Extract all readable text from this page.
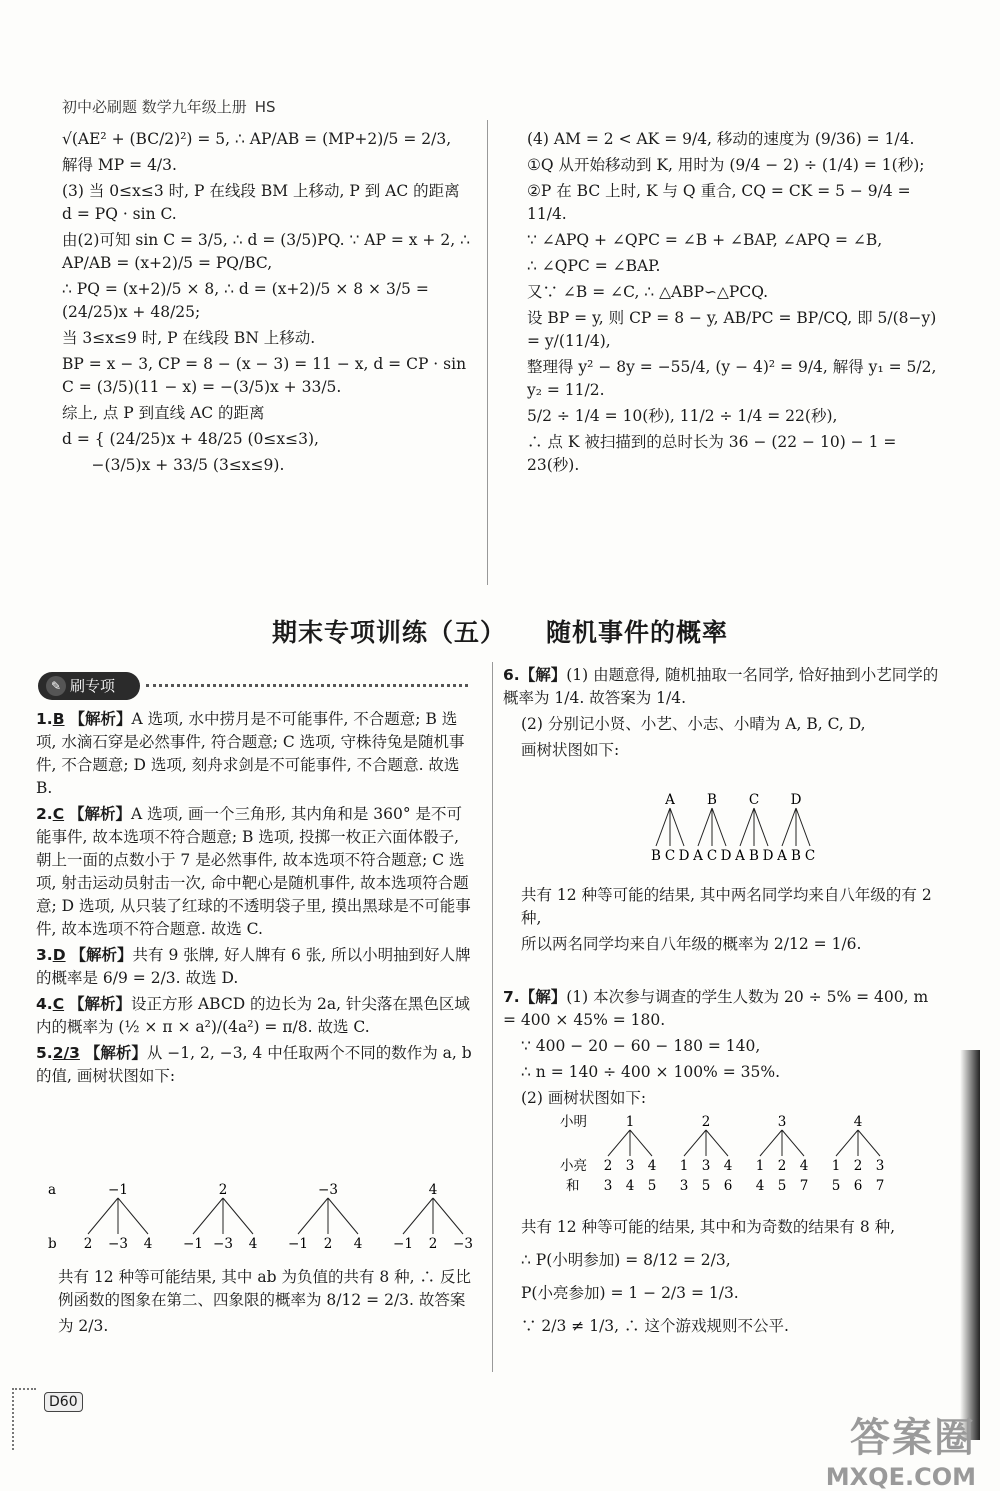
初中必刷题 数学九年级上册 HS

√(AE² + (BC/2)²) = 5, ∴ AP/AB = (MP+2)/5 = 2/3,

解得 MP = 4/3.

(3) 当 0≤x≤3 时, P 在线段 BM 上移动, P 到 AC 的距离 d = PQ · sin C.

由(2)可知 sin C = 3/5, ∴ d = (3/5)PQ. ∵ AP = x + 2, ∴ AP/AB = (x+2)/5 = PQ/BC,

∴ PQ = (x+2)/5 × 8, ∴ d = (x+2)/5 × 8 × 3/5 = (24/25)x + 48/25;

当 3≤x≤9 时, P 在线段 BN 上移动.

BP = x − 3, CP = 8 − (x − 3) = 11 − x, d = CP · sin C = (3/5)(11 − x) = −(3/5)x + 33/5.

综上, 点 P 到直线 AC 的距离

d = { (24/25)x + 48/25 (0≤x≤3),

−(3/5)x + 33/5 (3≤x≤9).

(4) AM = 2 < AK = 9/4, 移动的速度为 (9/36) = 1/4.

①Q 从开始移动到 K, 用时为 (9/4 − 2) ÷ (1/4) = 1(秒);

②P 在 BC 上时, K 与 Q 重合, CQ = CK = 5 − 9/4 = 11/4.

∵ ∠APQ + ∠QPC = ∠B + ∠BAP, ∠APQ = ∠B,

∴ ∠QPC = ∠BAP.

又∵ ∠B = ∠C, ∴ △ABP∽△PCQ.

设 BP = y, 则 CP = 8 − y, AB/PC = BP/CQ, 即 5/(8−y) = y/(11/4),

整理得 y² − 8y = −55/4, (y − 4)² = 9/4, 解得 y₁ = 5/2, y₂ = 11/2.

5/2 ÷ 1/4 = 10(秒), 11/2 ÷ 1/4 = 22(秒),

∴ 点 K 被扫描到的总时长为 36 − (22 − 10) − 1 = 23(秒).

期末专项训练（五） 随机事件的概率
✎ 刷专项

1.B 【解析】A 选项, 水中捞月是不可能事件, 不合题意; B 选项, 水滴石穿是必然事件, 符合题意; C 选项, 守株待兔是随机事件, 不合题意; D 选项, 刻舟求剑是不可能事件, 不合题意. 故选 B.

2.C 【解析】A 选项, 画一个三角形, 其内角和是 360° 是不可能事件, 故本选项不符合题意; B 选项, 投掷一枚正六面体骰子, 朝上一面的点数小于 7 是必然事件, 故本选项不符合题意; C 选项, 射击运动员射击一次, 命中靶心是随机事件, 故本选项符合题意; D 选项, 从只装了红球的不透明袋子里, 摸出黑球是不可能事件, 故本选项不符合题意. 故选 C.

3.D 【解析】共有 9 张牌, 好人牌有 6 张, 所以小明抽到好人牌的概率是 6/9 = 2/3. 故选 D.

4.C 【解析】设正方形 ABCD 的边长为 2a, 针尖落在黑色区域内的概率为 (½ × π × a²)/(4a²) = π/8. 故选 C.

5.2/3 【解析】从 −1, 2, −3, 4 中任取两个不同的数作为 a, b 的值, 画树状图如下:

a
b
−1
2 −3 4
2
−1 −3 4
−3
−1 2 4
4
−1 2 −3

共有 12 种等可能结果, 其中 ab 为负值的共有 8 种, ∴ 反比例函数的图象在第二、四象限的概率为 8/12 = 2/3. 故答案

为 2/3.

6.【解】(1) 由题意得, 随机抽取一名同学, 恰好抽到小艺同学的概率为 1/4. 故答案为 1/4.

(2) 分别记小贤、小艺、小志、小晴为 A, B, C, D,

画树状图如下:

A
B C D
B
A C D
C
A B D
D
A B C

共有 12 种等可能的结果, 其中两名同学均来自八年级的有 2 种,

所以两名同学均来自八年级的概率为 2/12 = 1/6.

7.【解】(1) 本次参与调查的学生人数为 20 ÷ 5% = 400, m = 400 × 45% = 180.

∵ 400 − 20 − 60 − 180 = 140,

∴ n = 140 ÷ 400 × 100% = 35%.

(2) 画树状图如下:

小明
小亮
和
1
2
3
3
4
4
5
2
1
3
3
5
4
6
3
1
4
2
5
4
7
4
1
5
2
6
3
7

共有 12 种等可能的结果, 其中和为奇数的结果有 8 种,

∴ P(小明参加) = 8/12 = 2/3,

P(小亮参加) = 1 − 2/3 = 1/3.

∵ 2/3 ≠ 1/3, ∴ 这个游戏规则不公平.

D60
答案圈
MXQE.COM
